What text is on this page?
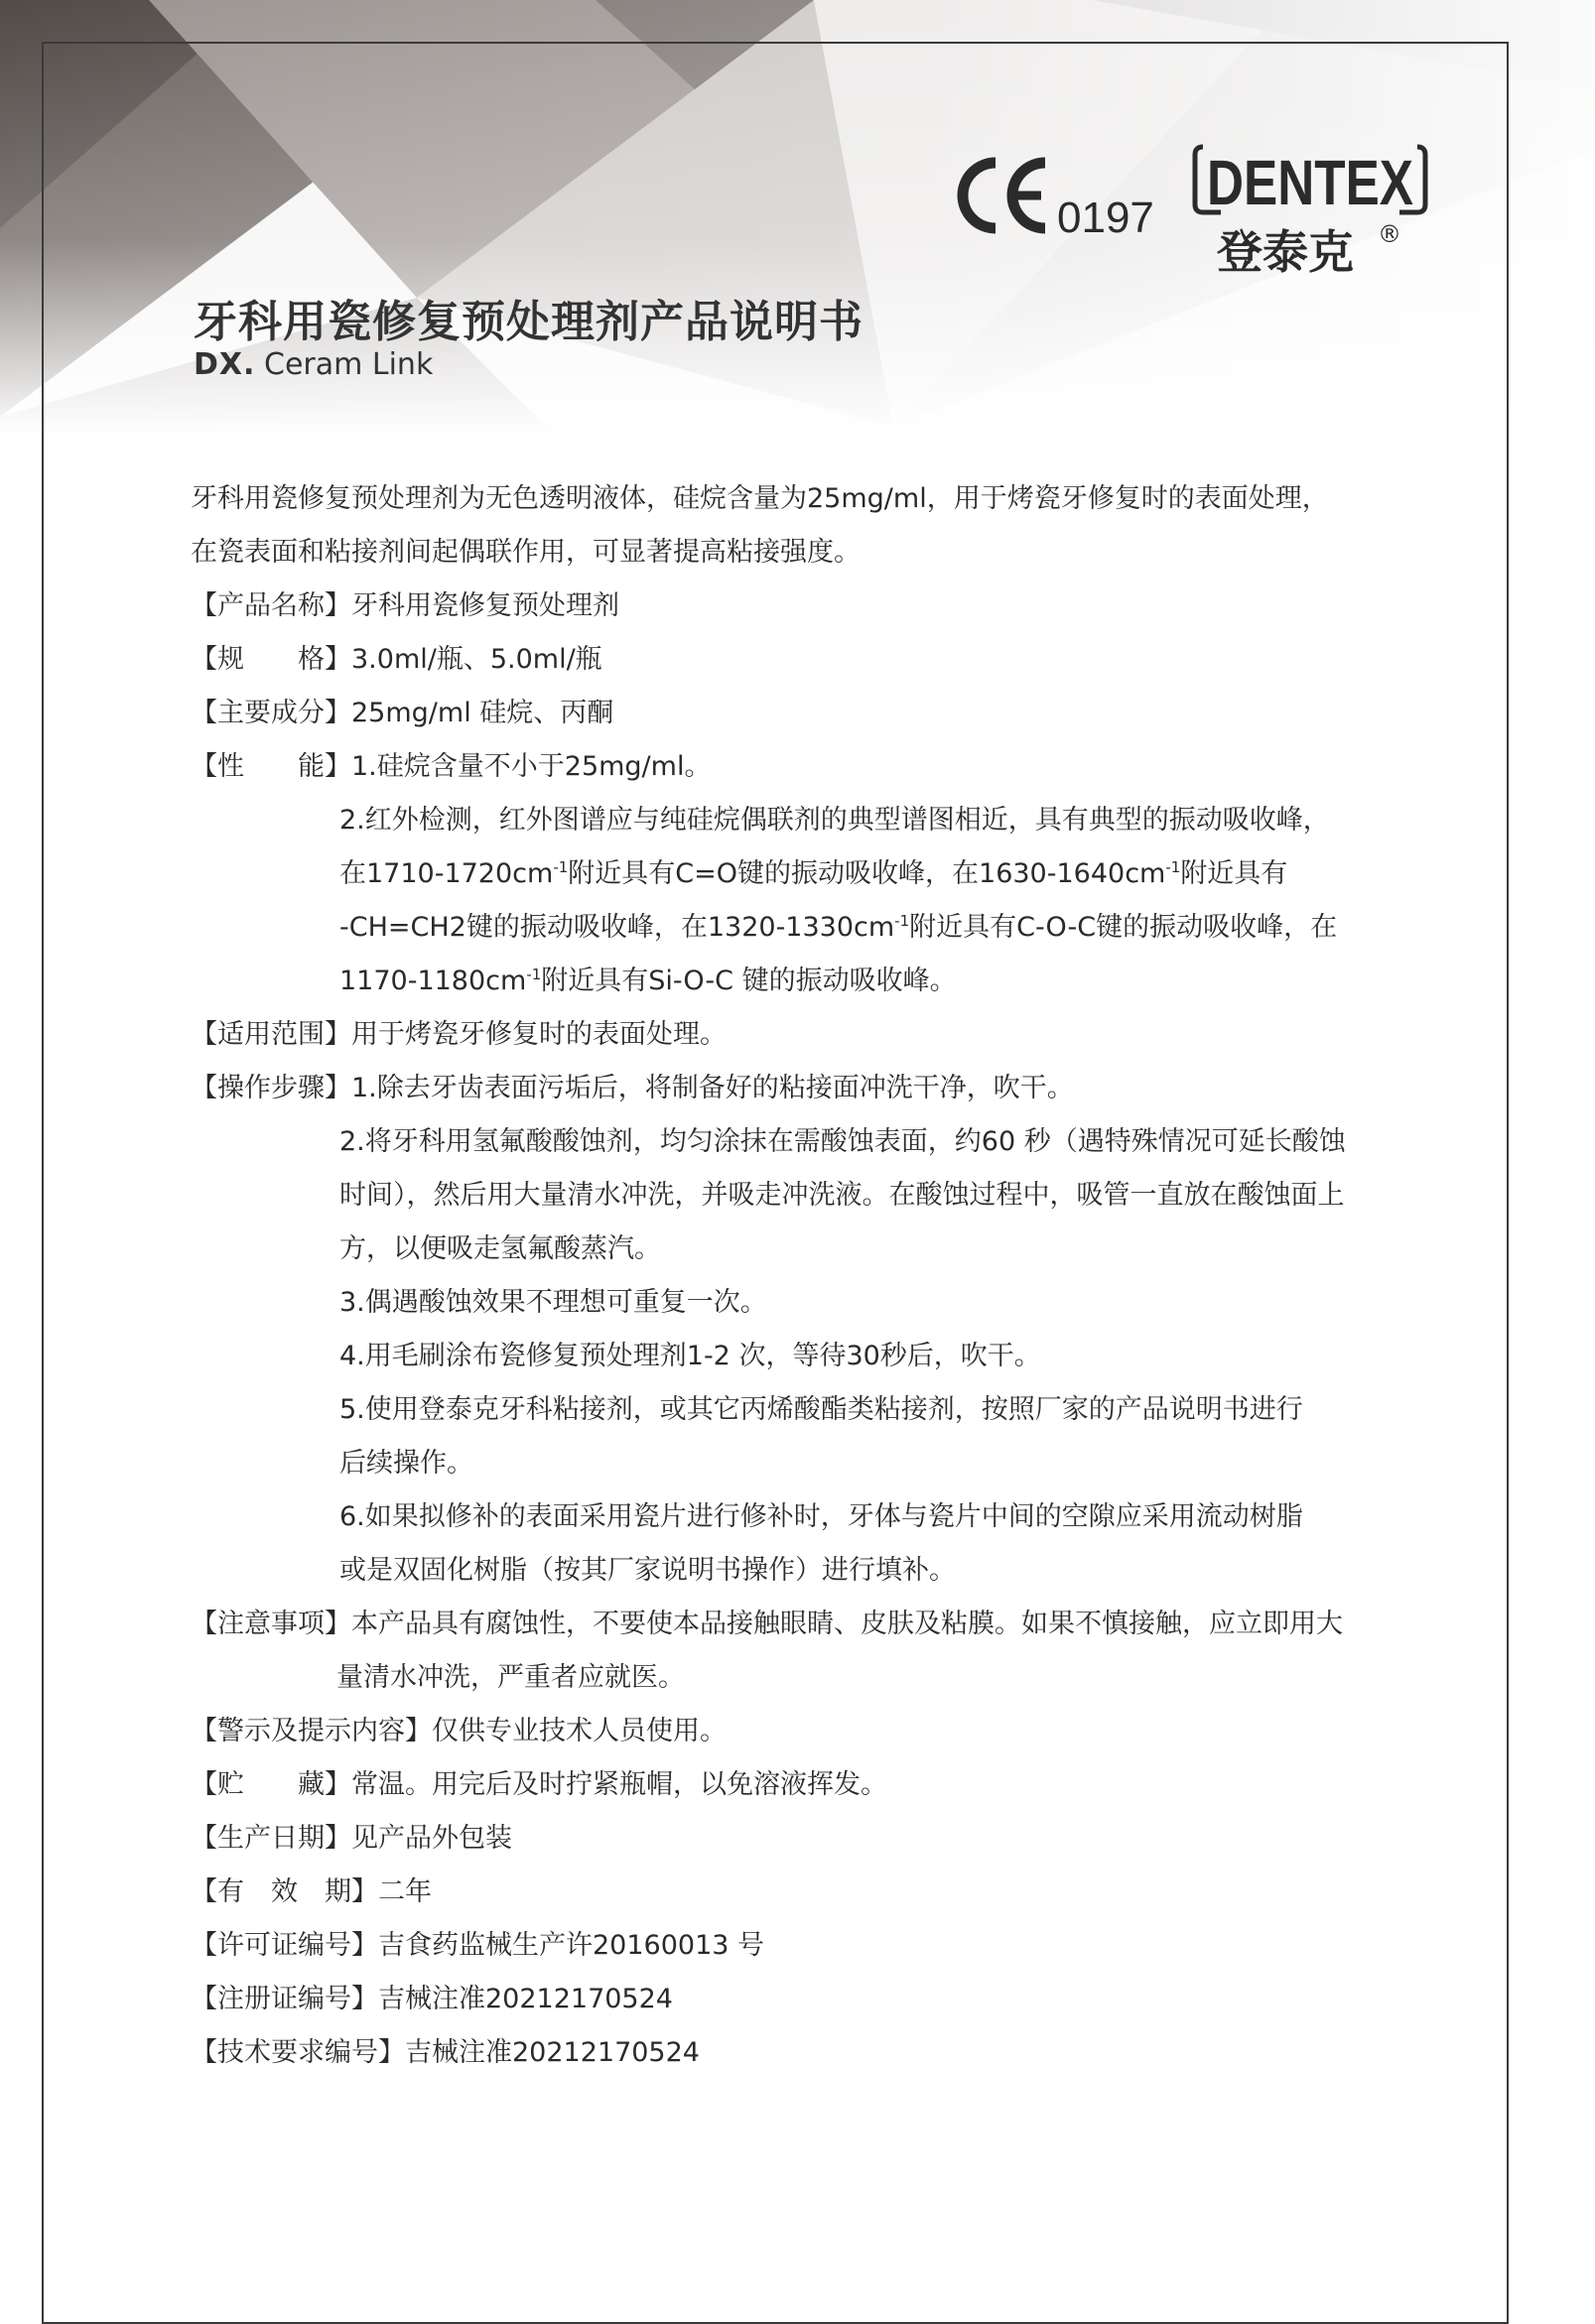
0197 DENTEX
登泰克 ®
牙科用瓷修复预处理剂产品说明书
DX. Ceram Link
牙科用瓷修复预处理剂为无色透明液体，硅烷含量为25mg/ml，用于烤瓷牙修复时的表面处理，
在瓷表面和粘接剂间起偶联作用，可显著提高粘接强度。
【产品名称】 牙科用瓷修复预处理剂
【规　　格】 3.0ml/瓶、5.0ml/瓶
【主要成分】 25mg/ml 硅烷、丙酮
【性　　能】 1.硅烷含量不小于25mg/ml。
2.红外检测，红外图谱应与纯硅烷偶联剂的典型谱图相近，具有典型的振动吸收峰，
在$1710-1720cm^{-1}$附近具有C=O键的振动吸收峰，在$1630-1640cm^{-1}$附近具有
-CH=CH2键的振动吸收峰，在$1320-1330cm^{-1}$附近具有C-O-C键的振动吸收峰，在
$1170-1180cm^{-1}$附近具有Si-O-C 键的振动吸收峰。
【适用范围】 用于烤瓷牙修复时的表面处理。
【操作步骤】 1.除去牙齿表面污垢后，将制备好的粘接面冲洗干净，吹干。
2.将牙科用氢氟酸酸蚀剂，均匀涂抹在需酸蚀表面，约60 秒（遇特殊情况可延长酸蚀
时间），然后用大量清水冲洗，并吸走冲洗液。在酸蚀过程中，吸管一直放在酸蚀面上
方，以便吸走氢氟酸蒸汽。
3.偶遇酸蚀效果不理想可重复一次。
4.用毛刷涂布瓷修复预处理剂1-2 次，等待30秒后，吹干。
5.使用登泰克牙科粘接剂，或其它丙烯酸酯类粘接剂，按照厂家的产品说明书进行
后续操作。
6.如果拟修补的表面采用瓷片进行修补时，牙体与瓷片中间的空隙应采用流动树脂
或是双固化树脂（按其厂家说明书操作）进行填补。
【注意事项】 本产品具有腐蚀性，不要使本品接触眼睛、皮肤及粘膜。如果不慎接触，应立即用大
量清水冲洗，严重者应就医。
【警示及提示内容】 仅供专业技术人员使用。
【贮　　藏】 常温。用完后及时拧紧瓶帽，以免溶液挥发。
【生产日期】 见产品外包装
【有　效　期】 二年
【许可证编号】 吉食药监械生产许20160013 号
【注册证编号】 吉械注准20212170524
【技术要求编号】 吉械注准20212170524
